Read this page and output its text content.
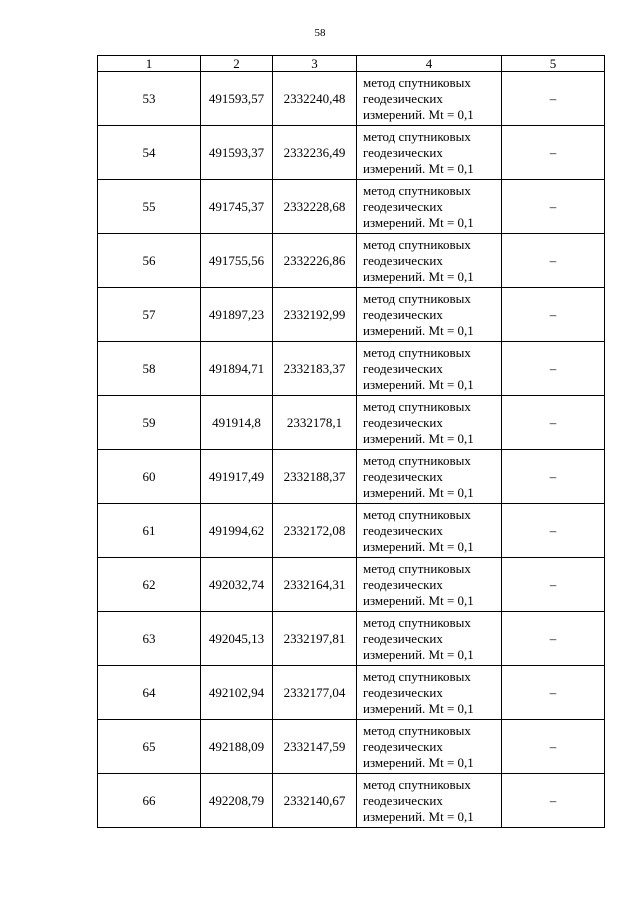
58
1	2	3	4	5
53	491593,57	2332240,48	метод спутниковых
геодезических
измерений. Mt = 0,1	–
54	491593,37	2332236,49	метод спутниковых
геодезических
измерений. Mt = 0,1	–
55	491745,37	2332228,68	метод спутниковых
геодезических
измерений. Mt = 0,1	–
56	491755,56	2332226,86	метод спутниковых
геодезических
измерений. Mt = 0,1	–
57	491897,23	2332192,99	метод спутниковых
геодезических
измерений. Mt = 0,1	–
58	491894,71	2332183,37	метод спутниковых
геодезических
измерений. Mt = 0,1	–
59	491914,8	2332178,1	метод спутниковых
геодезических
измерений. Mt = 0,1	–
60	491917,49	2332188,37	метод спутниковых
геодезических
измерений. Mt = 0,1	–
61	491994,62	2332172,08	метод спутниковых
геодезических
измерений. Mt = 0,1	–
62	492032,74	2332164,31	метод спутниковых
геодезических
измерений. Mt = 0,1	–
63	492045,13	2332197,81	метод спутниковых
геодезических
измерений. Mt = 0,1	–
64	492102,94	2332177,04	метод спутниковых
геодезических
измерений. Mt = 0,1	–
65	492188,09	2332147,59	метод спутниковых
геодезических
измерений. Mt = 0,1	–
66	492208,79	2332140,67	метод спутниковых
геодезических
измерений. Mt = 0,1	–
